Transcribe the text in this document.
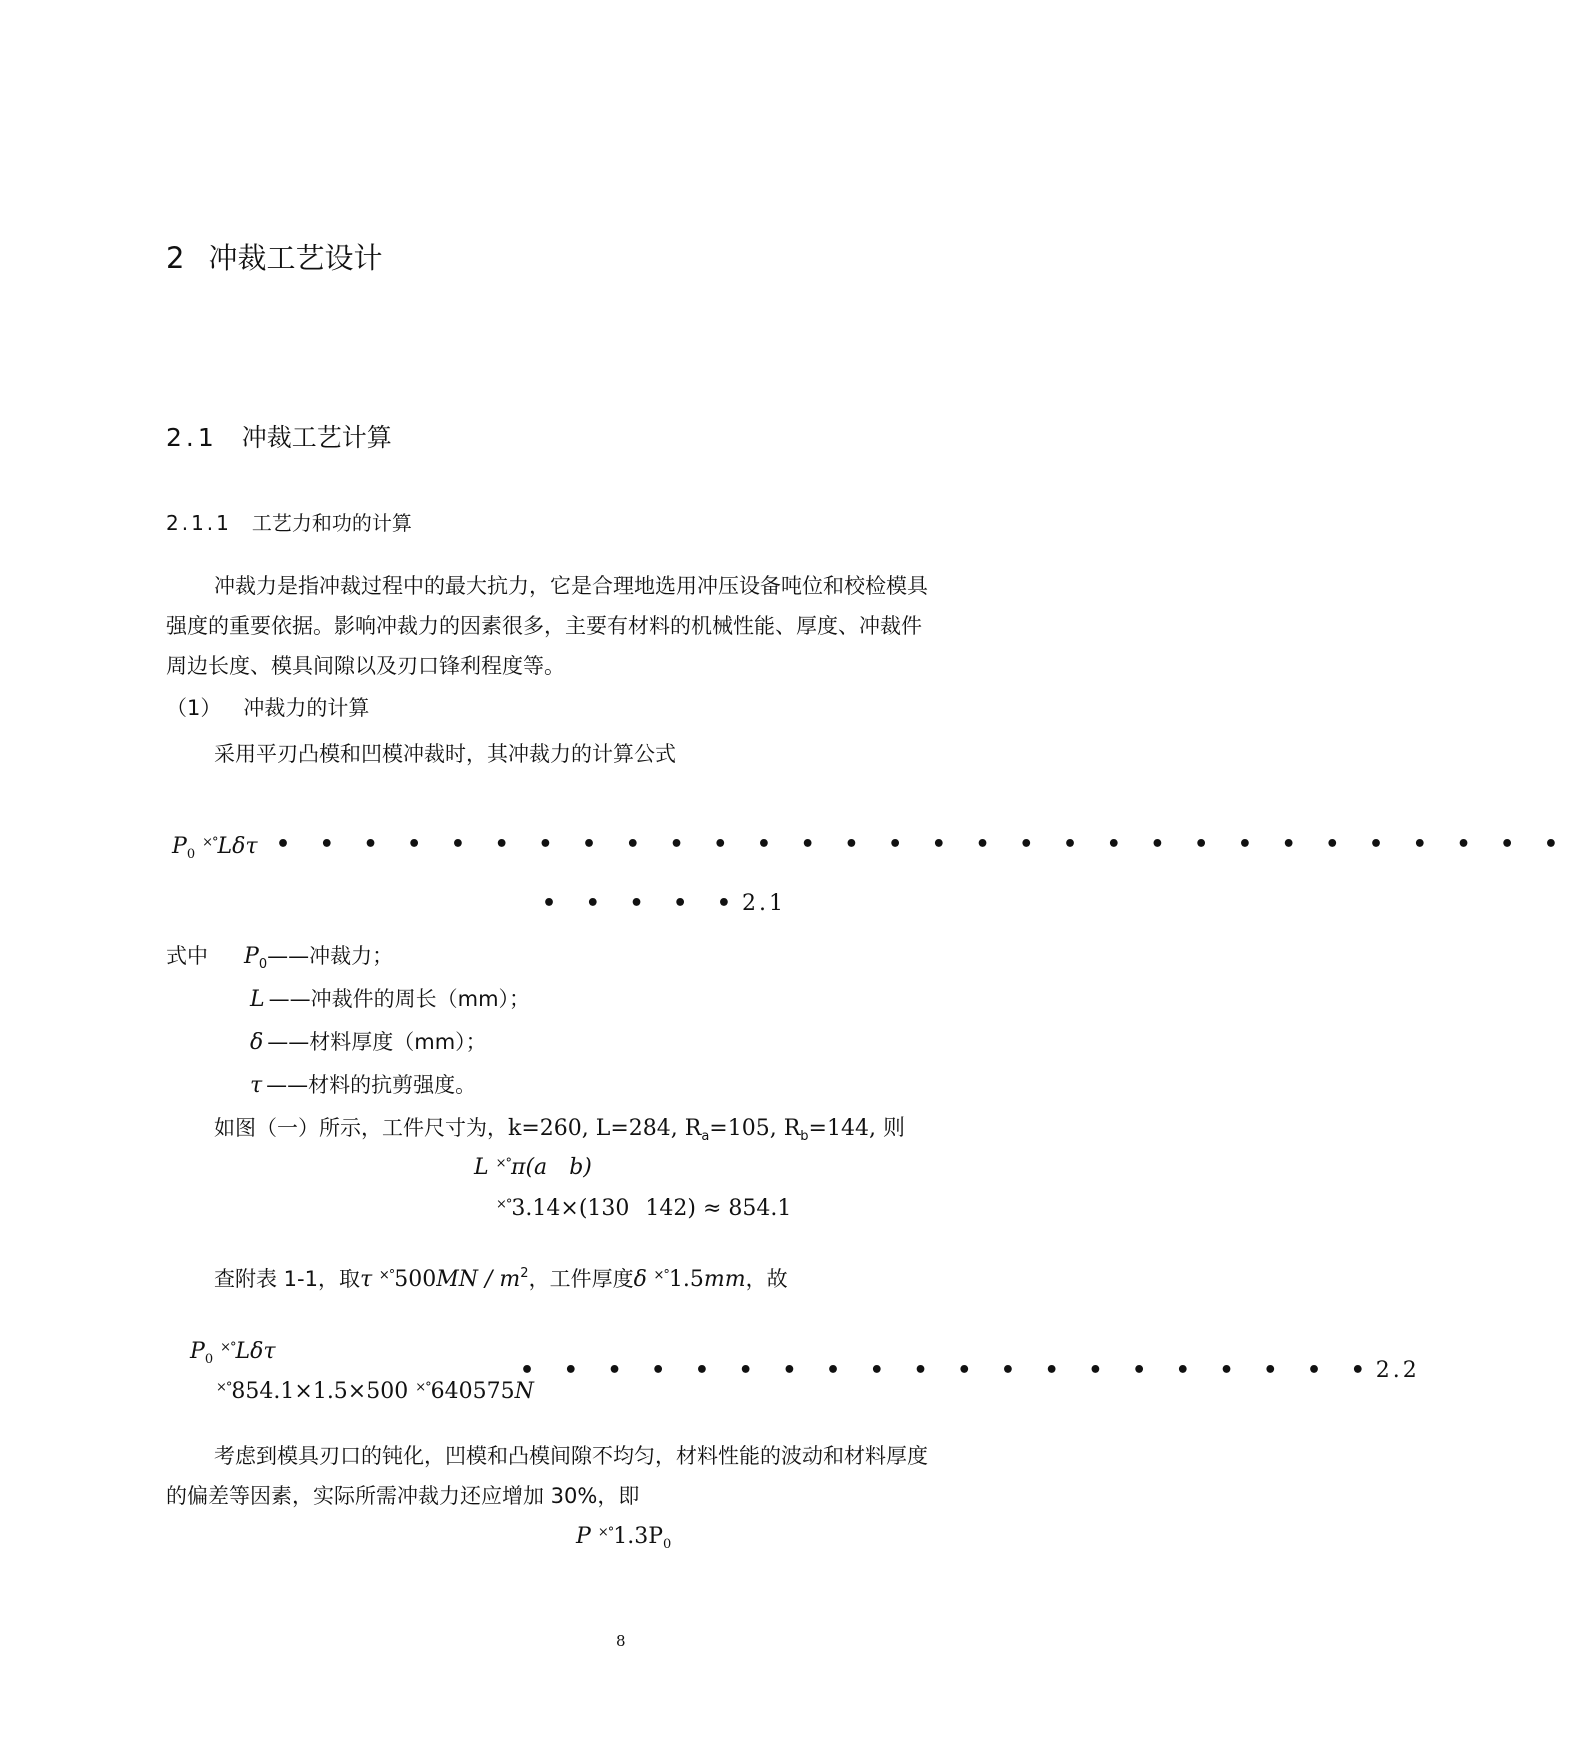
2 冲裁工艺设计
2.1 冲裁工艺计算
2.1.1 工艺力和功的计算
冲裁力是指冲裁过程中的最大抗力，它是合理地选用冲压设备吨位和校检模具
强度的重要依据。影响冲裁力的因素很多，主要有材料的机械性能、厚度、冲裁件
周边长度、模具间隙以及刃口锋利程度等。
（1） 冲裁力的计算
采用平刃凸模和凹模冲裁时，其冲裁力的计算公式
$P_0$ ×°Lδτ • • • • • • • • • • • • • • • • • • • • • • • • • • • • • •
• • • • •2.1
式中 $P_0——$冲裁力；
L ——冲裁件的周长（mm）；
δ ——材料厚度（mm）；
τ ——材料的抗剪强度。
如图（一）所示，工件尺寸为，k=260, L=284, $R_a=105$, $R_b=144$, 则
L ×°π(a b)
×°3.14×(130 142) ≈ 854.1
查附表 1-1，取τ $^{\times^\circ}500MN / m^2$，工件厚度δ ×°1.5mm，故
$P_0$ ×°Lδτ
×°854.1×1.5×500 ×°640575N
• • • • • • • • • • • • • • • • • • • •2.2
考虑到模具刃口的钝化，凹模和凸模间隙不均匀，材料性能的波动和材料厚度
的偏差等因素，实际所需冲裁力还应增加 30%，即
P $^{\times^\circ}1.3P_0$
8
